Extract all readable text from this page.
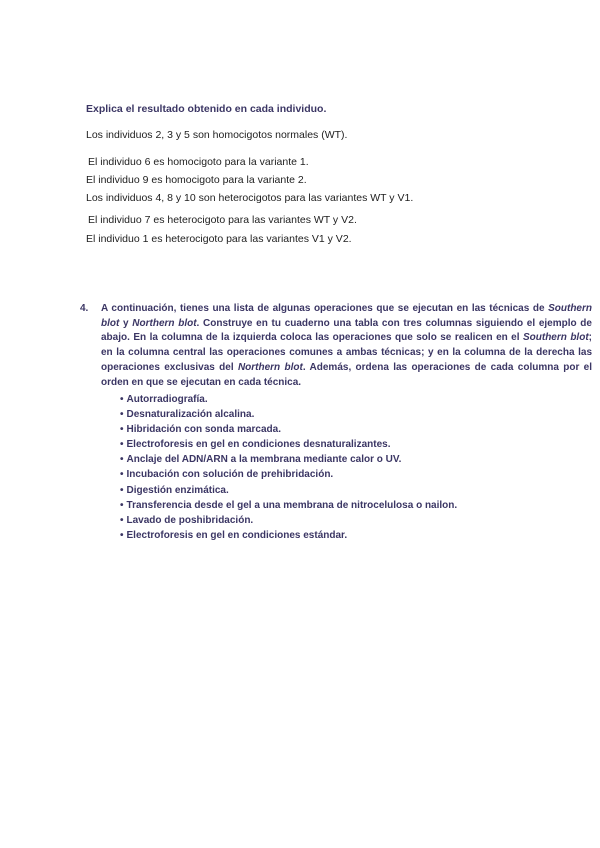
Explica el resultado obtenido en cada individuo.
Los individuos 2, 3 y 5 son homocigotos normales (WT).
El individuo 6 es homocigoto para la variante 1.
El individuo 9 es homocigoto para la variante 2.
Los individuos 4, 8 y 10 son heterocigotos para las variantes WT y V1.
El individuo 7 es heterocigoto para las variantes WT y V2.
El individuo 1 es heterocigoto para las variantes V1 y V2.
4. A continuación, tienes una lista de algunas operaciones que se ejecutan en las técnicas de Southern blot y Northern blot. Construye en tu cuaderno una tabla con tres columnas siguiendo el ejemplo de abajo. En la columna de la izquierda coloca las operaciones que solo se realicen en el Southern blot; en la columna central las operaciones comunes a ambas técnicas; y en la columna de la derecha las operaciones exclusivas del Northern blot. Además, ordena las operaciones de cada columna por el orden en que se ejecutan en cada técnica.
• Autorradiografía.
• Desnaturalización alcalina.
• Hibridación con sonda marcada.
• Electroforesis en gel en condiciones desnaturalizantes.
• Anclaje del ADN/ARN a la membrana mediante calor o UV.
• Incubación con solución de prehibridación.
• Digestión enzimática.
• Transferencia desde el gel a una membrana de nitrocelulosa o nailon.
• Lavado de poshibridación.
• Electroforesis en gel en condiciones estándar.
